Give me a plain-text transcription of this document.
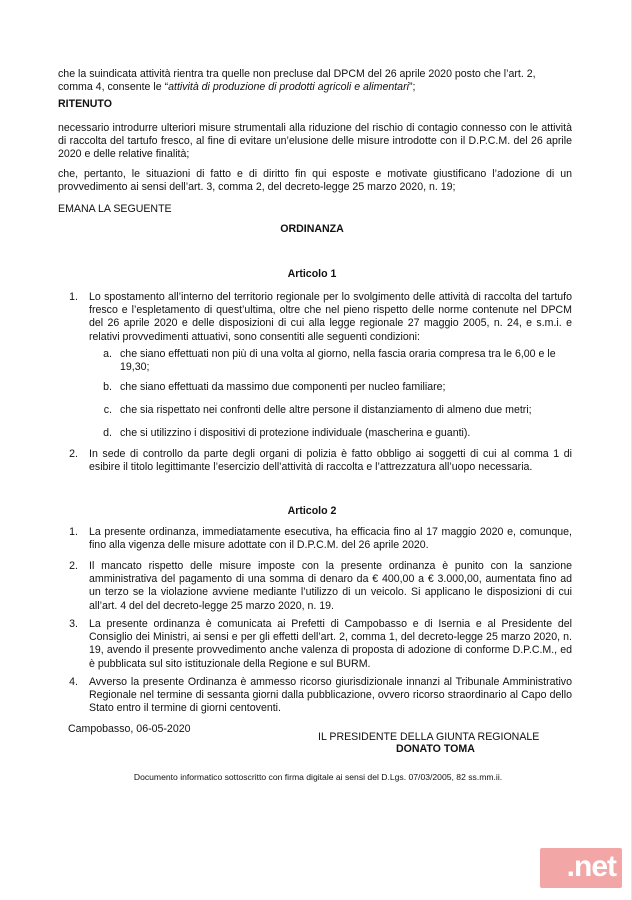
che la suindicata attività rientra tra quelle non precluse dal DPCM del 26 aprile 2020 posto che l’art. 2,
comma 4, consente le “attività di produzione di prodotti agricoli e alimentari”;
RITENUTO
necessario introdurre ulteriori misure strumentali alla riduzione del rischio di contagio connesso con le attività di raccolta del tartufo fresco, al fine di evitare un’elusione delle misure introdotte con il D.P.C.M. del 26 aprile 2020 e delle relative finalità;
che, pertanto, le situazioni di fatto e di diritto fin qui esposte e motivate giustificano l’adozione di un provvedimento ai sensi dell’art. 3, comma 2, del decreto-legge 25 marzo 2020, n. 19;
EMANA LA SEGUENTE
ORDINANZA
Articolo 1
1. Lo spostamento all’interno del territorio regionale per lo svolgimento delle attività di raccolta del tartufo fresco e l’espletamento di quest’ultima, oltre che nel pieno rispetto delle norme contenute nel DPCM del 26 aprile 2020 e delle disposizioni di cui alla legge regionale 27 maggio 2005, n. 24, e s.m.i. e relativi provvedimenti attuativi, sono consentiti alle seguenti condizioni:
a. che siano effettuati non più di una volta al giorno, nella fascia oraria compresa tra le 6,00 e le 19,30;
b. che siano effettuati da massimo due componenti per nucleo familiare;
c. che sia rispettato nei confronti delle altre persone il distanziamento di almeno due metri;
d. che si utilizzino i dispositivi di protezione individuale (mascherina e guanti).
2. In sede di controllo da parte degli organi di polizia è fatto obbligo ai soggetti di cui al comma 1 di esibire il titolo legittimante l’esercizio dell’attività di raccolta e l’attrezzatura all’uopo necessaria.
Articolo 2
1. La presente ordinanza, immediatamente esecutiva, ha efficacia fino al 17 maggio 2020 e, comunque, fino alla vigenza delle misure adottate con il D.P.C.M. del 26 aprile 2020.
2. Il mancato rispetto delle misure imposte con la presente ordinanza è punito con la sanzione amministrativa del pagamento di una somma di denaro da € 400,00 a € 3.000,00, aumentata fino ad un terzo se la violazione avviene mediante l’utilizzo di un veicolo. Si applicano le disposizioni di cui all’art. 4 del del decreto-legge 25 marzo 2020, n. 19.
3. La presente ordinanza è comunicata ai Prefetti di Campobasso e di Isernia e al Presidente del Consiglio dei Ministri, ai sensi e per gli effetti dell’art. 2, comma 1, del decreto-legge 25 marzo 2020, n. 19, avendo il presente provvedimento anche valenza di proposta di adozione di conforme D.P.C.M., ed è pubblicata sul sito istituzionale della Regione e sul BURM.
4. Avverso la presente Ordinanza è ammesso ricorso giurisdizionale innanzi al Tribunale Amministrativo Regionale nel termine di sessanta giorni dalla pubblicazione, ovvero ricorso straordinario al Capo dello Stato entro il termine di giorni centoventi.
Campobasso, 06-05-2020
IL PRESIDENTE DELLA GIUNTA REGIONALE
DONATO TOMA
Documento informatico sottoscritto con firma digitale ai sensi del D.Lgs. 07/03/2005, 82 ss.mm.ii.
.net
